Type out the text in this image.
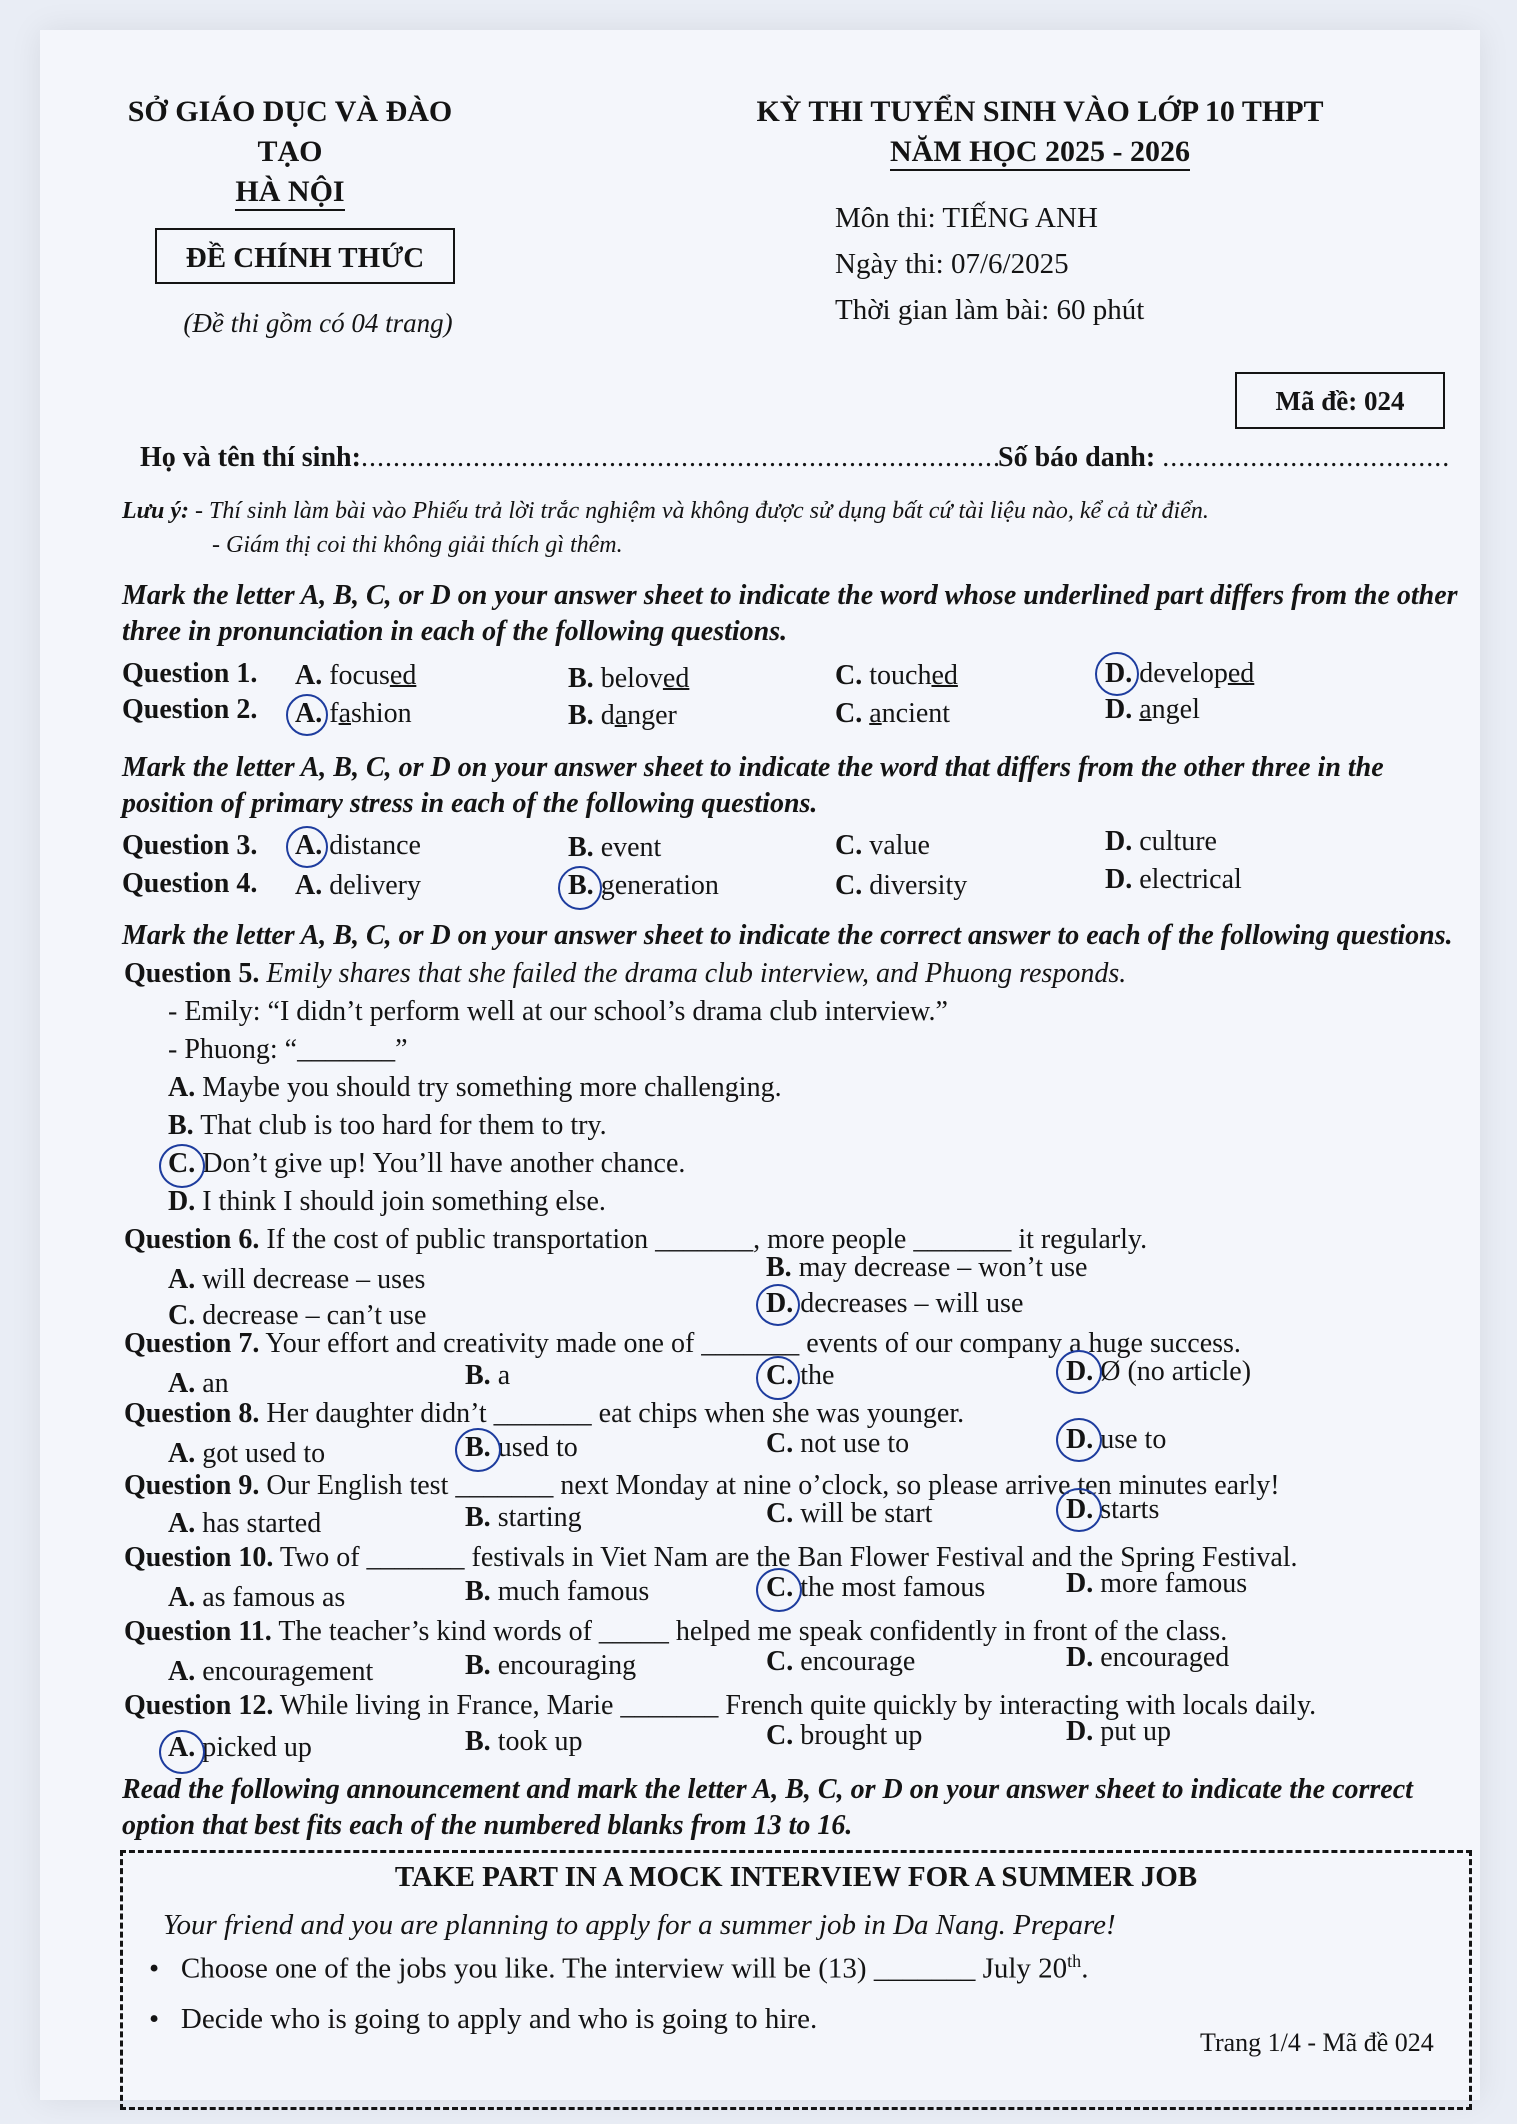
SỞ GIÁO DỤC VÀ ĐÀO TẠO
HÀ NỘI
ĐỀ CHÍNH THỨC
(Đề thi gồm có 04 trang)
KỲ THI TUYỂN SINH VÀO LỚP 10 THPT
NĂM HỌC 2025 - 2026
Môn thi: TIẾNG ANH
Ngày thi: 07/6/2025
Thời gian làm bài: 60 phút
Mã đề: 024
Họ và tên thí sinh:................................................................................
Số báo danh: ....................................
Lưu ý: - Thí sinh làm bài vào Phiếu trả lời trắc nghiệm và không được sử dụng bất cứ tài liệu nào, kể cả từ điển.
- Giám thị coi thi không giải thích gì thêm.
Mark the letter A, B, C, or D on your answer sheet to indicate the word whose underlined part differs from the other three in pronunciation in each of the following questions.
Question 1. A. focused	B. beloved	C. touched	D. developed
Question 2. A. fashion	B. danger	C. ancient	D. angel
Mark the letter A, B, C, or D on your answer sheet to indicate the word that differs from the other three in the position of primary stress in each of the following questions.
Question 3. A. distance	B. event	C. value	D. culture
Question 4. A. delivery	B. generation	C. diversity	D. electrical
Mark the letter A, B, C, or D on your answer sheet to indicate the correct answer to each of the following questions.
Question 5. Emily shares that she failed the drama club interview, and Phuong responds.
- Emily: “I didn’t perform well at our school’s drama club interview.”
- Phuong: “_______”
A. Maybe you should try something more challenging.
B. That club is too hard for them to try.
C. Don’t give up! You’ll have another chance.
D. I think I should join something else.
Question 6. If the cost of public transportation _______, more people _______ it regularly.
A. will decrease – uses	B. may decrease – won’t use
C. decrease – can’t use	D. decreases – will use
Question 7. Your effort and creativity made one of _______ events of our company a huge success.
A. an	B. a	C. the	D. Ø (no article)
Question 8. Her daughter didn’t _______ eat chips when she was younger.
A. got used to	B. used to	C. not use to	D. use to
Question 9. Our English test _______ next Monday at nine o’clock, so please arrive ten minutes early!
A. has started	B. starting	C. will be start	D. starts
Question 10. Two of _______ festivals in Viet Nam are the Ban Flower Festival and the Spring Festival.
A. as famous as	B. much famous	C. the most famous	D. more famous
Question 11. The teacher’s kind words of _____ helped me speak confidently in front of the class.
A. encouragement	B. encouraging	C. encourage	D. encouraged
Question 12. While living in France, Marie _______ French quite quickly by interacting with locals daily.
A. picked up	B. took up	C. brought up	D. put up
Read the following announcement and mark the letter A, B, C, or D on your answer sheet to indicate the correct option that best fits each of the numbered blanks from 13 to 16.
TAKE PART IN A MOCK INTERVIEW FOR A SUMMER JOB
Your friend and you are planning to apply for a summer job in Da Nang. Prepare!
• Choose one of the jobs you like. The interview will be (13) _______ July 20th.
• Decide who is going to apply and who is going to hire.
Trang 1/4 - Mã đề 024
